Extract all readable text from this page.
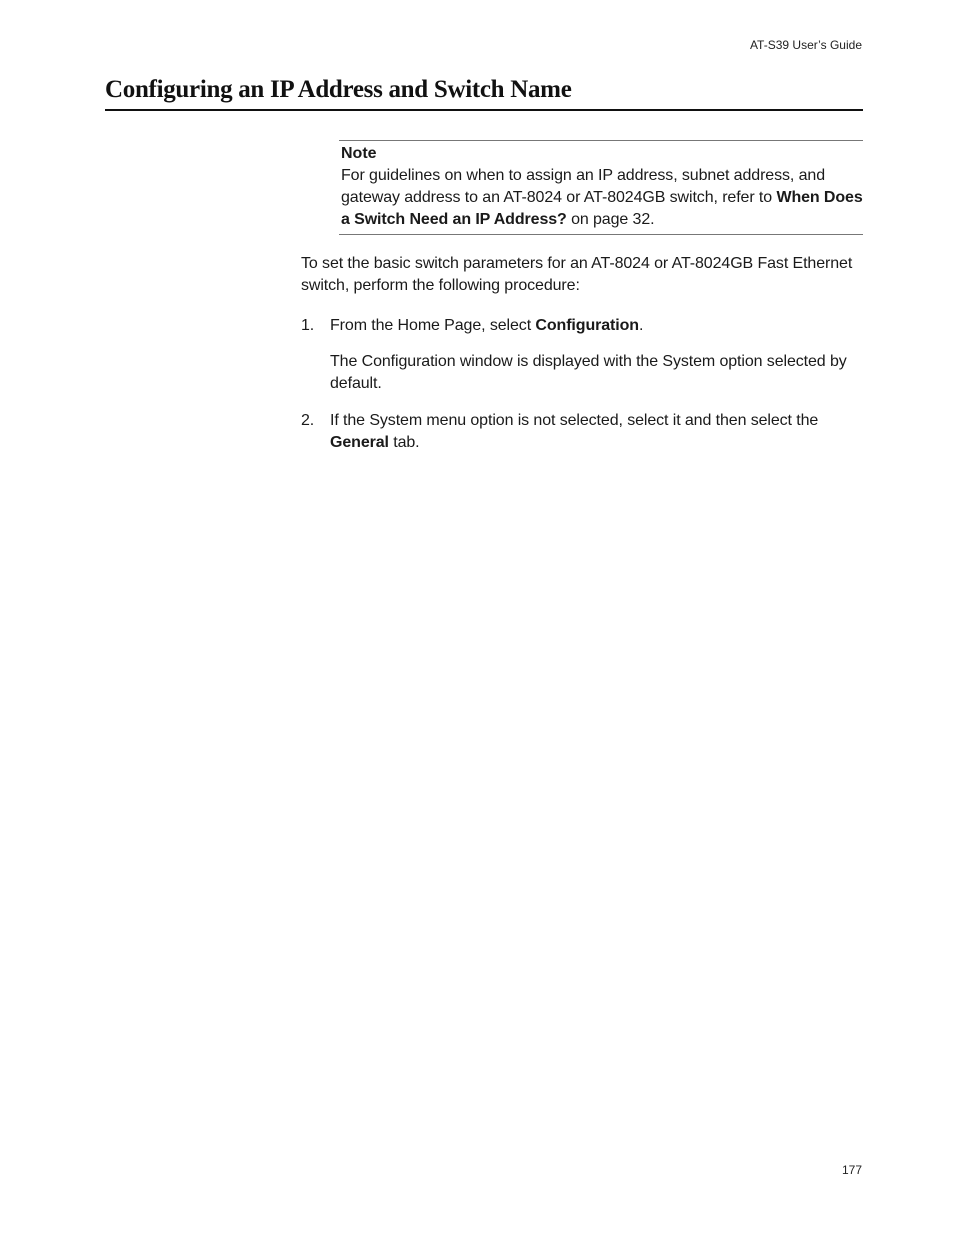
AT-S39 User’s Guide
Configuring an IP Address and Switch Name
Note
For guidelines on when to assign an IP address, subnet address, and gateway address to an AT-8024 or AT-8024GB switch, refer to When Does a Switch Need an IP Address? on page 32.

To set the basic switch parameters for an AT-8024 or AT-8024GB Fast Ethernet switch, perform the following procedure:

1. From the Home Page, select Configuration.
The Configuration window is displayed with the System option selected by default.
2. If the System menu option is not selected, select it and then select the General tab.
177
